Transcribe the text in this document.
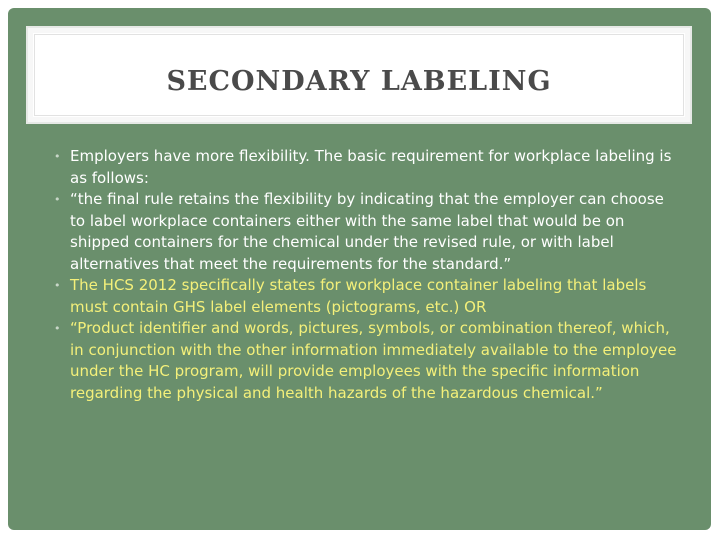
SECONDARY LABELING
• Employers have more flexibility. The basic requirement for workplace labeling is as follows:
• “the final rule retains the flexibility by indicating that the employer can choose to label workplace containers either with the same label that would be on shipped containers for the chemical under the revised rule, or with label alternatives that meet the requirements for the standard.”
• The HCS 2012 specifically states for workplace container labeling that labels must contain GHS label elements (pictograms, etc.) OR
• “Product identifier and words, pictures, symbols, or combination thereof, which, in conjunction with the other information immediately available to the employee under the HC program, will provide employees with the specific information regarding the physical and health hazards of the hazardous chemical.”
